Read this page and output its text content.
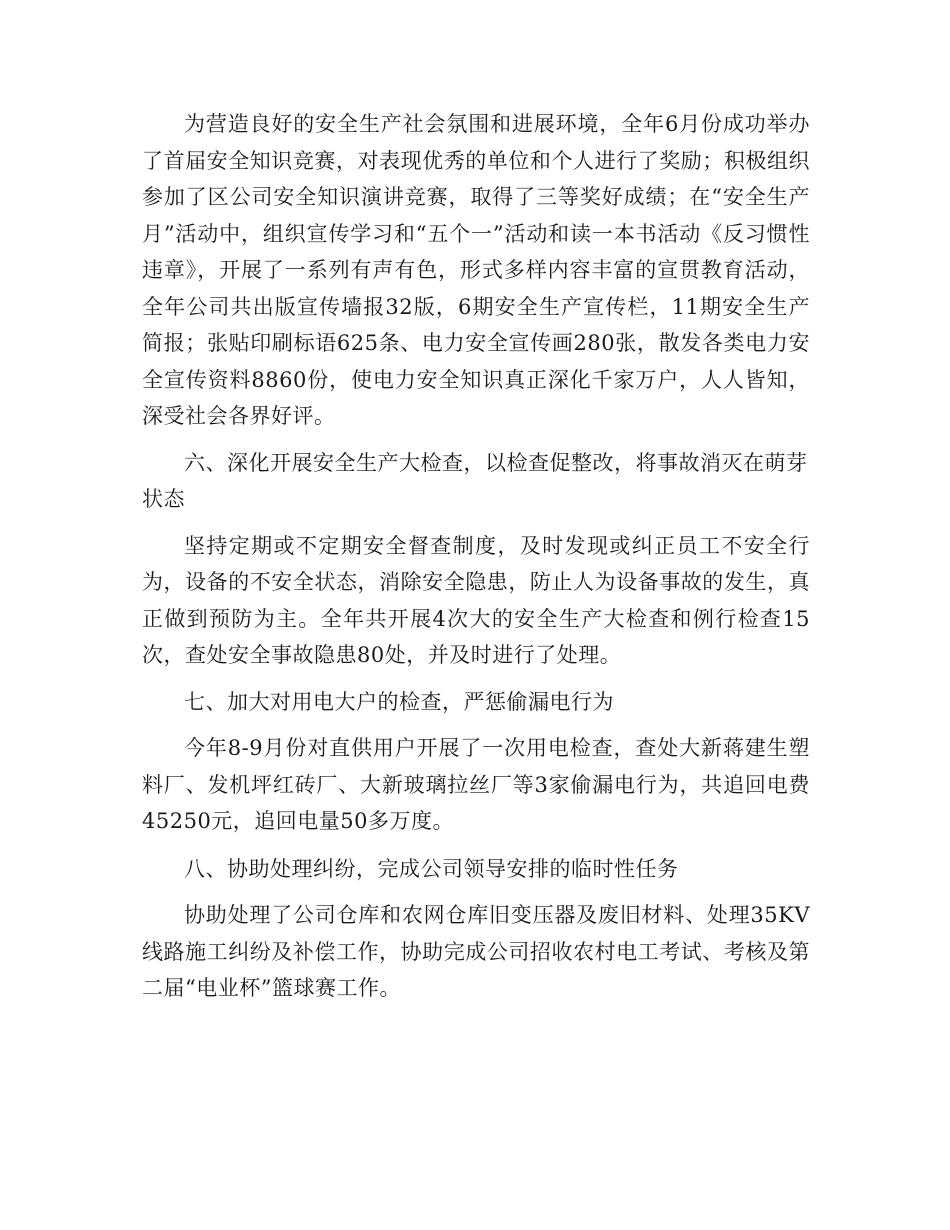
为营造良好的安全生产社会氛围和进展环境，全年6月份成功举办了首届安全知识竞赛，对表现优秀的单位和个人进行了奖励；积极组织参加了区公司安全知识演讲竞赛，取得了三等奖好成绩；在“安全生产月”活动中，组织宣传学习和“五个一”活动和读一本书活动《反习惯性违章》，开展了一系列有声有色，形式多样内容丰富的宣贯教育活动，全年公司共出版宣传墙报32版，6期安全生产宣传栏，11期安全生产简报；张贴印刷标语625条、电力安全宣传画280张，散发各类电力安全宣传资料8860份，使电力安全知识真正深化千家万户，人人皆知，深受社会各界好评。

六、深化开展安全生产大检查，以检查促整改，将事故消灭在萌芽状态

坚持定期或不定期安全督查制度，及时发现或纠正员工不安全行为，设备的不安全状态，消除安全隐患，防止人为设备事故的发生，真正做到预防为主。全年共开展4次大的安全生产大检查和例行检查15次，查处安全事故隐患80处，并及时进行了处理。

七、加大对用电大户的检查，严惩偷漏电行为

今年8-9月份对直供用户开展了一次用电检查，查处大新蒋建生塑料厂、发机坪红砖厂、大新玻璃拉丝厂等3家偷漏电行为，共追回电费45250元，追回电量50多万度。

八、协助处理纠纷，完成公司领导安排的临时性任务

协助处理了公司仓库和农网仓库旧变压器及废旧材料、处理35KV线路施工纠纷及补偿工作，协助完成公司招收农村电工考试、考核及第二届“电业杯”篮球赛工作。
